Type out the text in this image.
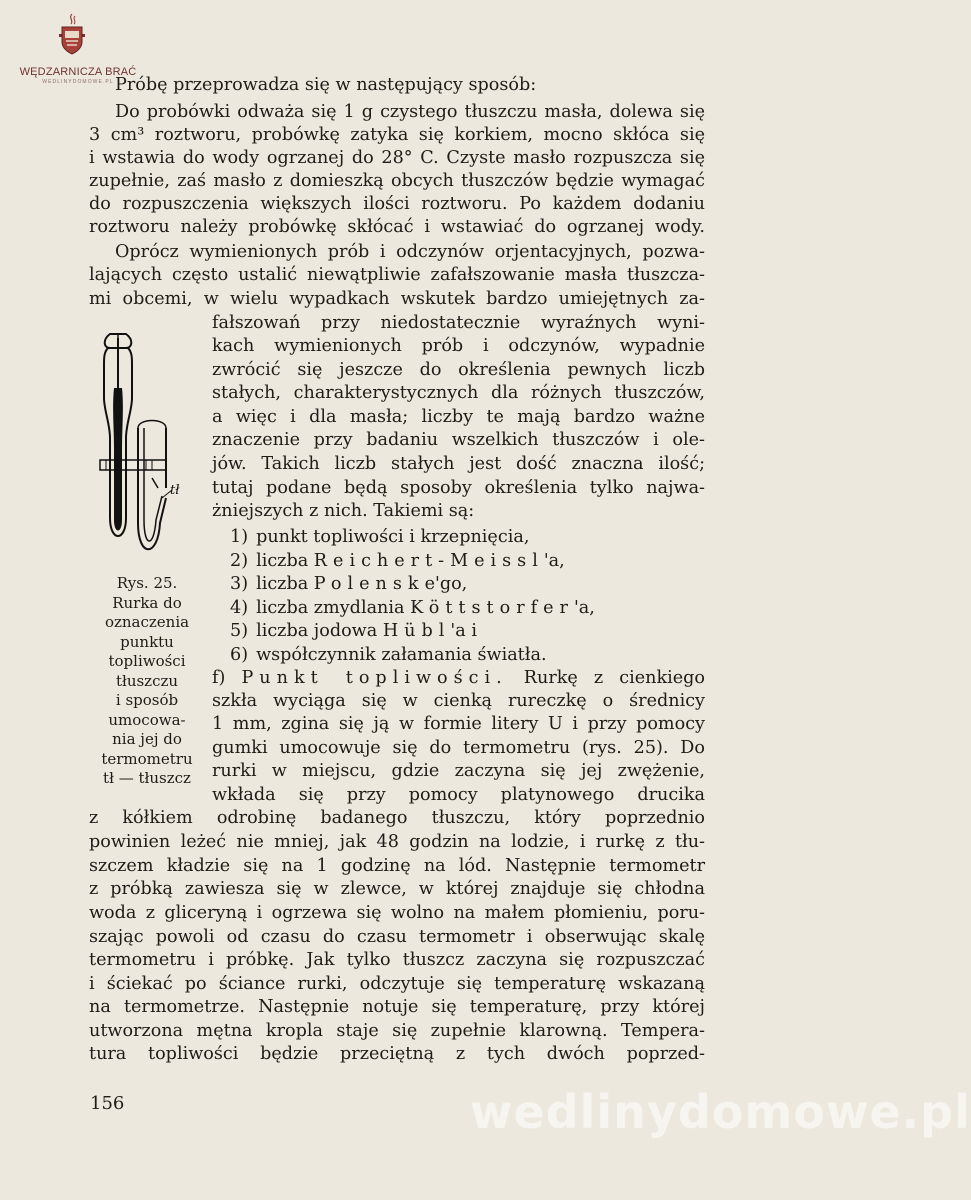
WĘDZARNICZA BRAĆ
WEDLINYDOMOWE.PL Próbę przeprowadza się w następujący sposób:
Do probówki odważa się 1 g czystego tłuszczu masła, dolewa się
3 cm³ roztworu, probówkę zatyka się korkiem, mocno skłóca się
i wstawia do wody ogrzanej do 28° C. Czyste masło rozpuszcza się
zupełnie, zaś masło z domieszką obcych tłuszczów będzie wymagać
do rozpuszczenia większych ilości roztworu. Po każdem dodaniu
roztworu należy probówkę skłócać i wstawiać do ogrzanej wody.
Oprócz wymienionych prób i odczynów orjentacyjnych, pozwa-
lających często ustalić niewątpliwie zafałszowanie masła tłuszcza-
mi obcemi, w wielu wypadkach wskutek bardzo umiejętnych za-
fałszowań przy niedostatecznie wyraźnych wyni-
kach wymienionych prób i odczynów, wypadnie
zwrócić się jeszcze do określenia pewnych liczb
stałych, charakterystycznych dla różnych tłuszczów,
a więc i dla masła; liczby te mają bardzo ważne
znaczenie przy badaniu wszelkich tłuszczów i ole-
jów. Takich liczb stałych jest dość znaczna ilość;
tutaj podane będą sposoby określenia tylko najwa-
żniejszych z nich. Takiemi są:
szkła wyciąga się w cienką rureczkę o średnicy
1 mm, zgina się ją w formie litery U i przy pomocy
gumki umocowuje się do termometru (rys. 25). Do
rurki w miejscu, gdzie zaczyna się jej zwężenie,
wkłada się przy pomocy platynowego drucika
z kółkiem odrobinę badanego tłuszczu, który poprzednio
powinien leżeć nie mniej, jak 48 godzin na lodzie, i rurkę z tłu-
szczem kładzie się na 1 godzinę na lód. Następnie termometr
z próbką zawiesza się w zlewce, w której znajduje się chłodna
woda z gliceryną i ogrzewa się wolno na małem płomieniu, poru-
szając powoli od czasu do czasu termometr i obserwując skalę
termometru i próbkę. Jak tylko tłuszcz zaczyna się rozpuszczać
i ściekać po ściance rurki, odczytuje się temperaturę wskazaną
na termometrze. Następnie notuje się temperaturę, przy której
utworzona mętna kropla staje się zupełnie klarowną. Tempera-
tura topliwości będzie przeciętną z tych dwóch poprzed-
1) punkt topliwości i krzepnięcia,
2) liczba Reichert-Meissl'a,
3) liczba Polenske'go,
4) liczba zmydlania Köttstorfer'a,
5) liczba jodowa Hübl'a i
6) współczynnik załamania światła.
f) Punkt topliwości. Rurkę z cienkiego
tł
Rys. 25.
Rurka do
oznaczenia
punktu
topliwości
tłuszczu
i sposób
umocowa-
nia jej do
termometru
tł — tłuszcz
156	wedlinydomowe.pl
